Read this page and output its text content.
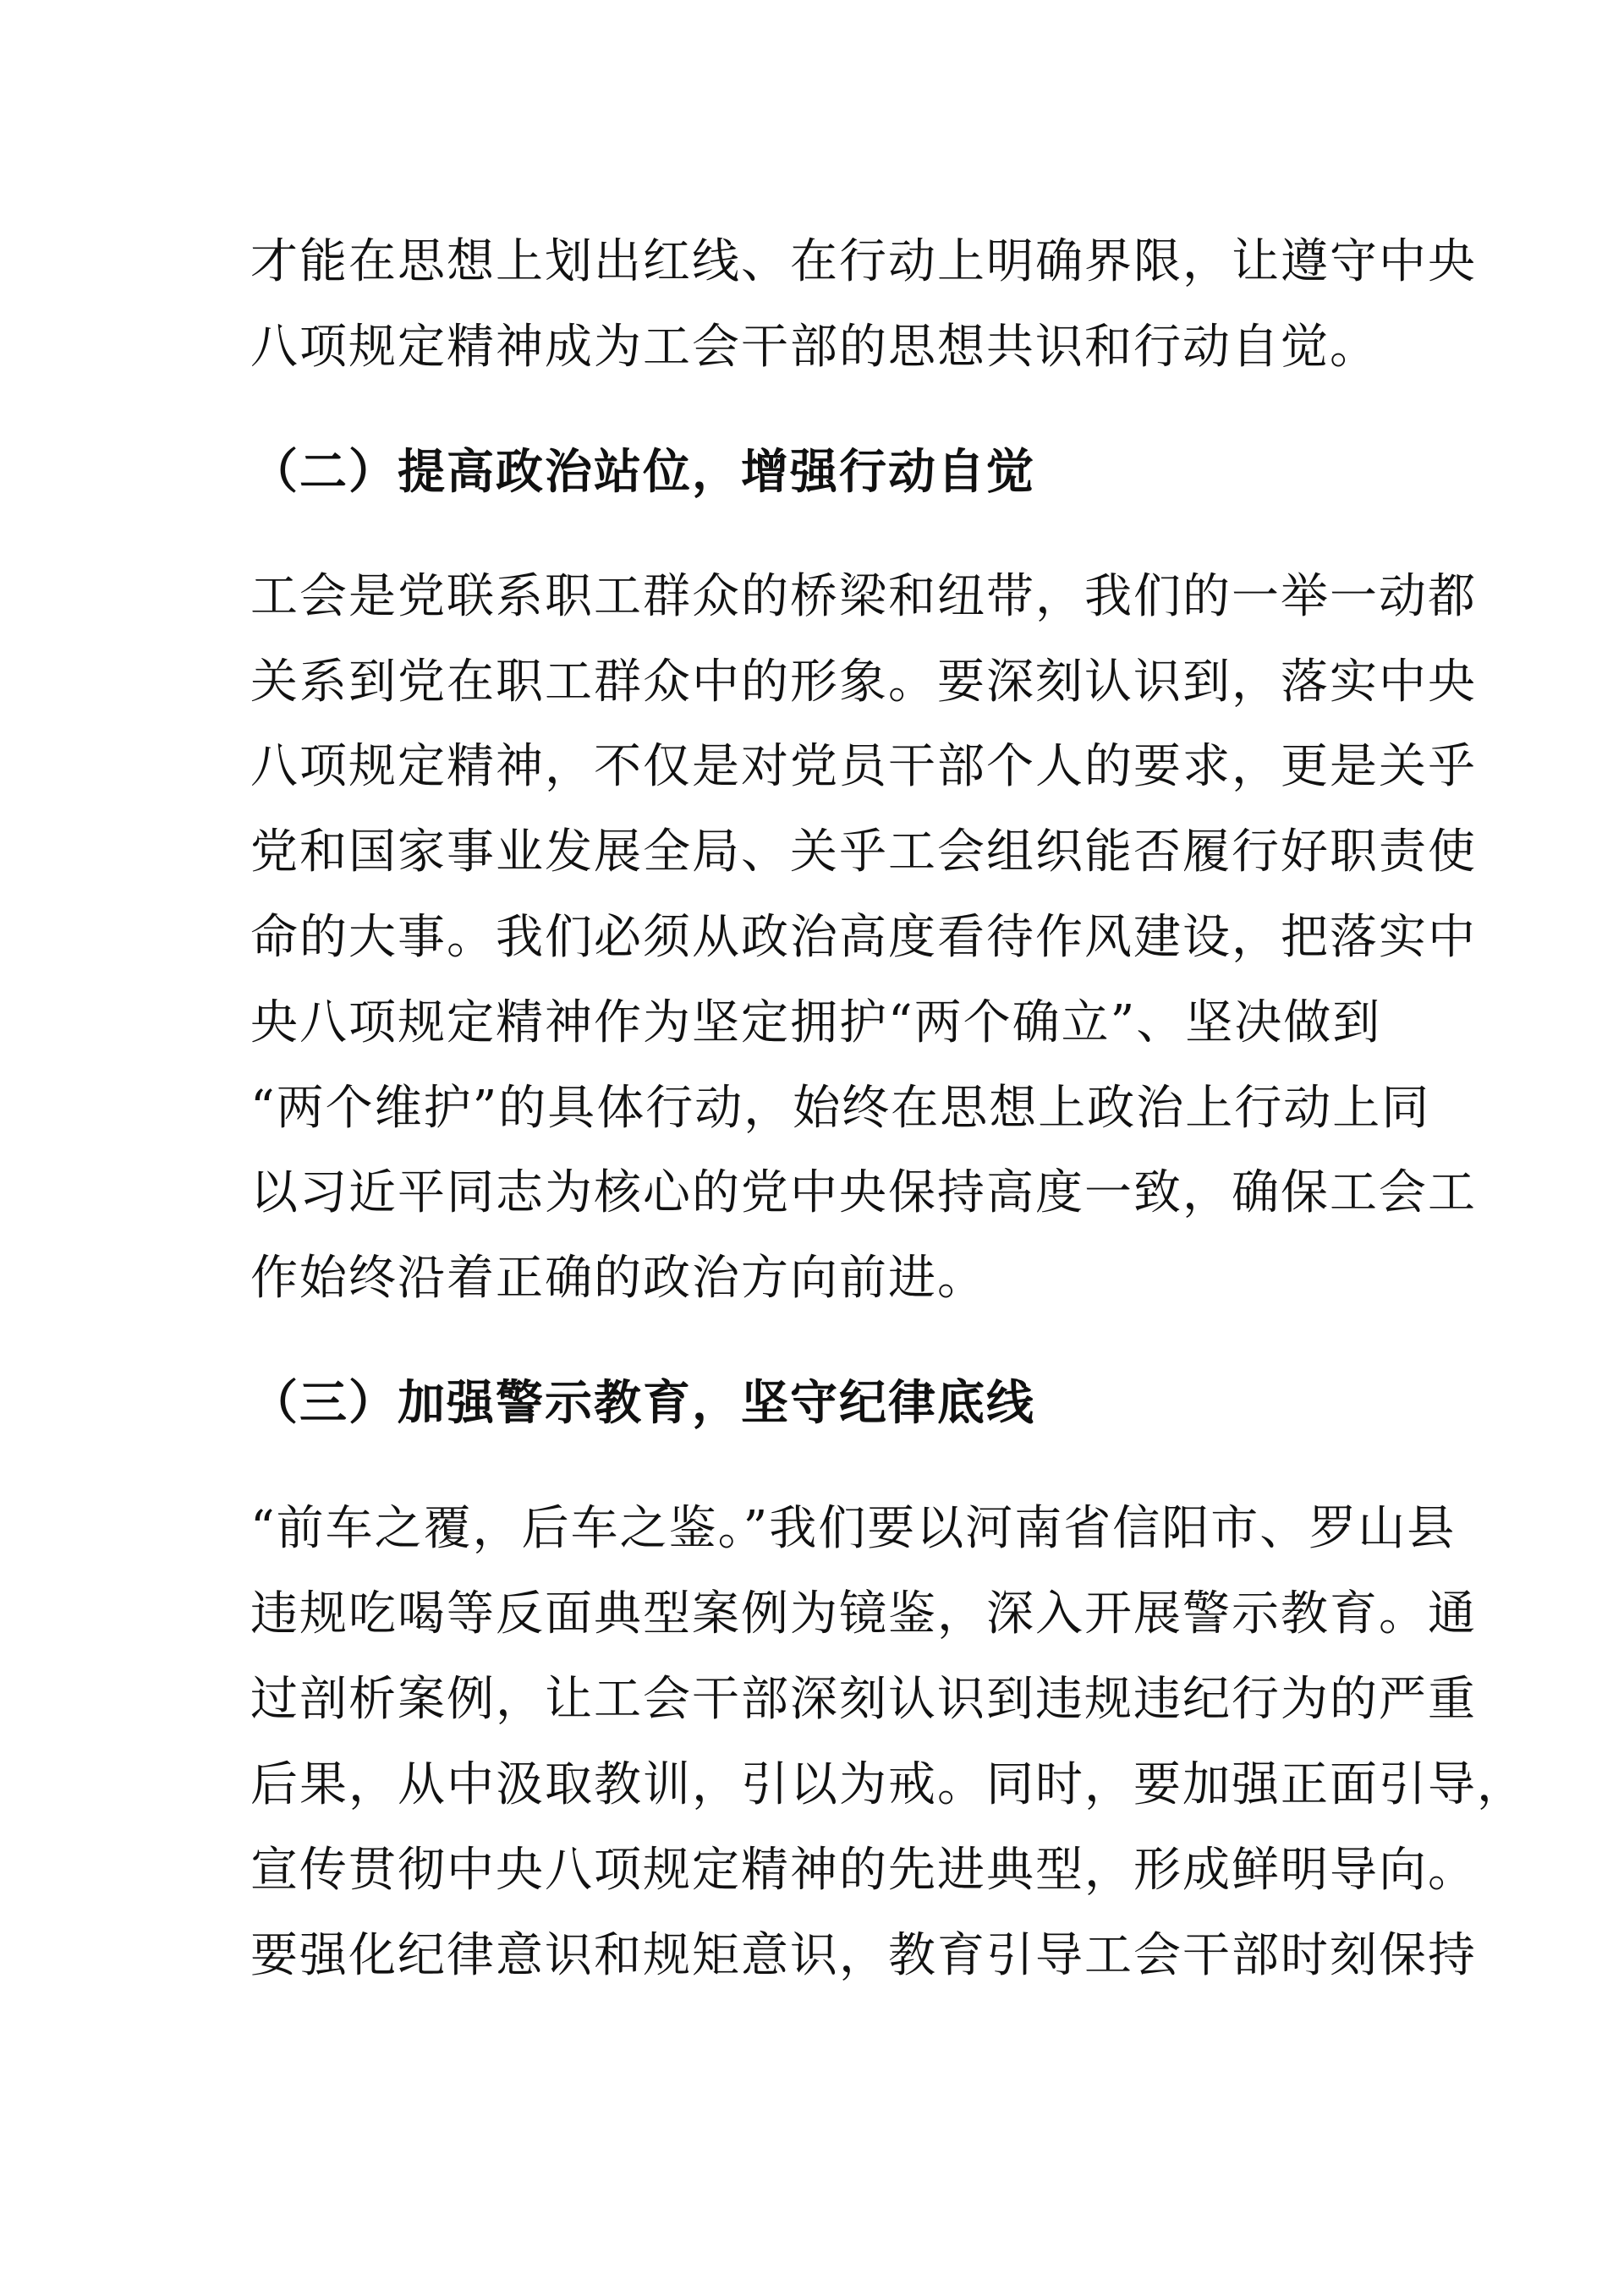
才能在思想上划出红线、在行动上明确界限，让遵守中央

八项规定精神成为工会干部的思想共识和行动自觉。

（二）提高政治站位，增强行动自觉

工会是党联系职工群众的桥梁和纽带，我们的一举一动都

关系到党在职工群众中的形象。要深刻认识到，落实中央

八项规定精神，不仅是对党员干部个人的要求，更是关乎

党和国家事业发展全局、关乎工会组织能否履行好职责使

命的大事。我们必须从政治高度看待作风建设，把落实中

央八项规定精神作为坚定拥护“两个确立”、坚决做到

“两个维护”的具体行动，始终在思想上政治上行动上同

以习近平同志为核心的党中央保持高度一致，确保工会工

作始终沿着正确的政治方向前进。

（三）加强警示教育，坚守纪律底线

“前车之覆，后车之鉴。”我们要以河南省信阳市、罗山县

违规吃喝等反面典型案例为镜鉴，深入开展警示教育。通

过剖析案例，让工会干部深刻认识到违规违纪行为的严重

后果，从中汲取教训，引以为戒。同时，要加强正面引导，

宣传贯彻中央八项规定精神的先进典型，形成鲜明导向。

要强化纪律意识和规矩意识，教育引导工会干部时刻保持
